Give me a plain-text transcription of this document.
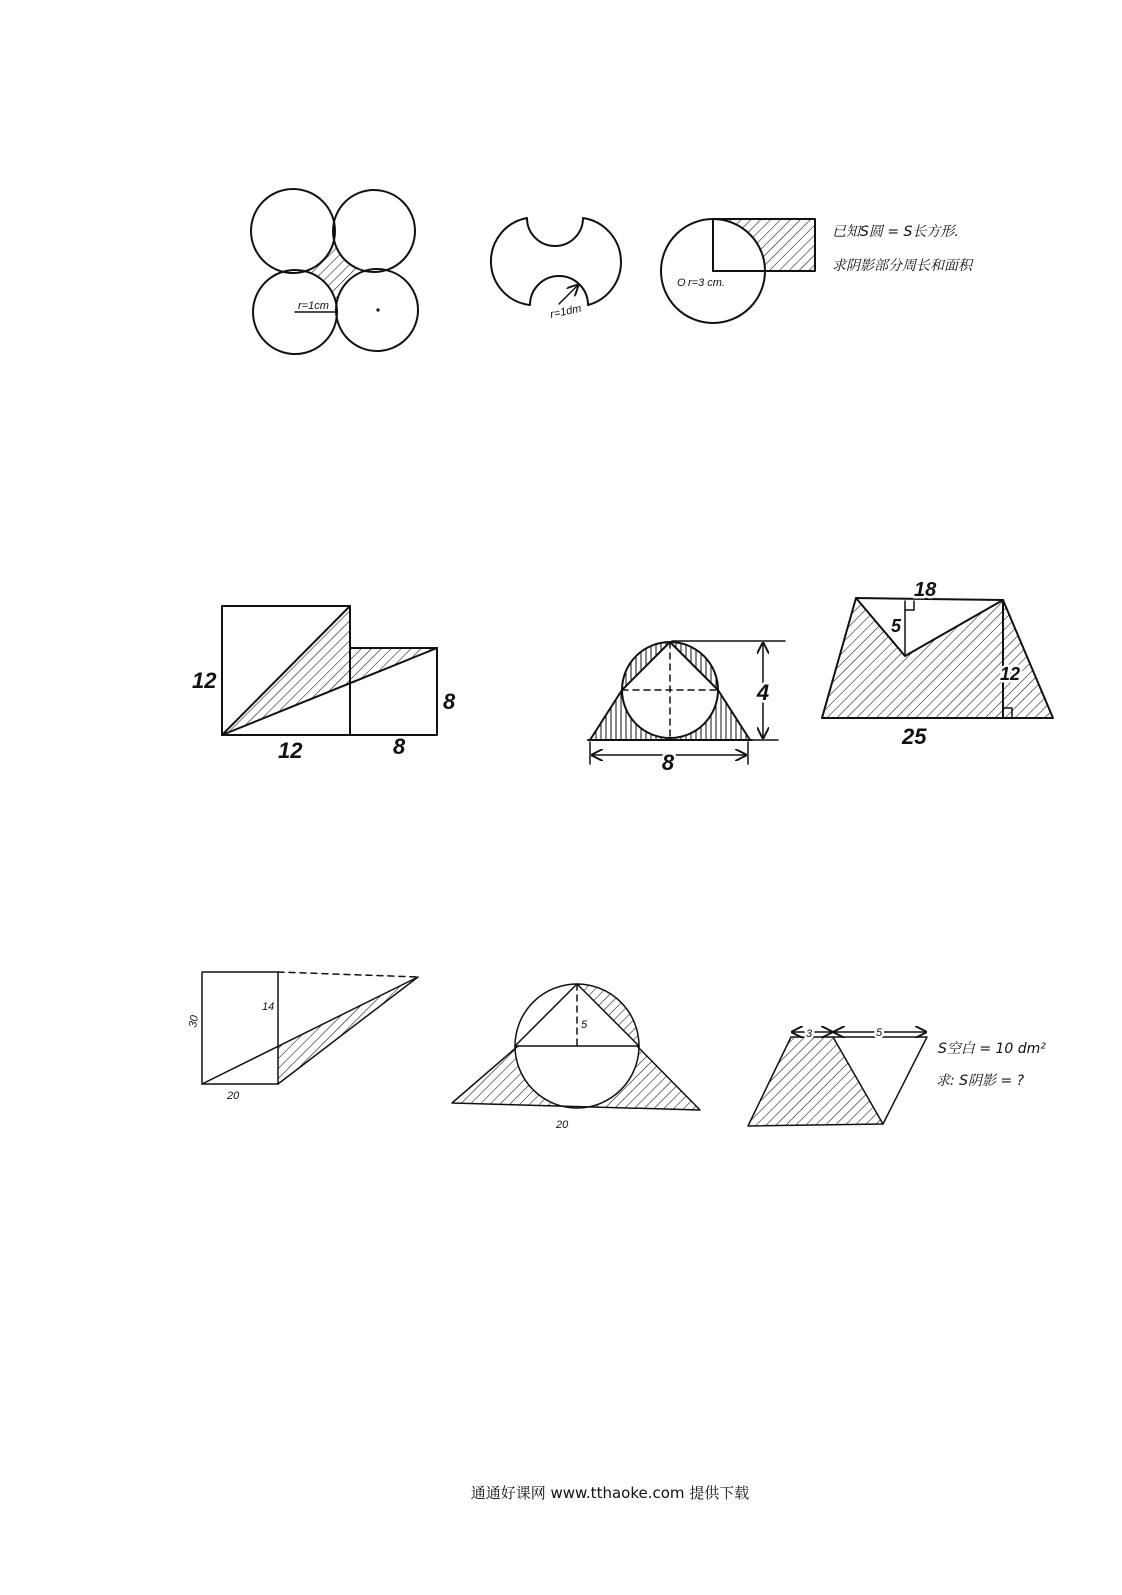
r=1cm	r=1dm
O r=3 cm.
已知S圆 = S长方形.
求阴影部分周长和面积
12
12	8
8
8
4
18
5
12
25
30
14
20
5
20
3	5
S空白 = 10 dm²
求: S阴影 = ?
通通好课网 www.tthaoke.com 提供下载
